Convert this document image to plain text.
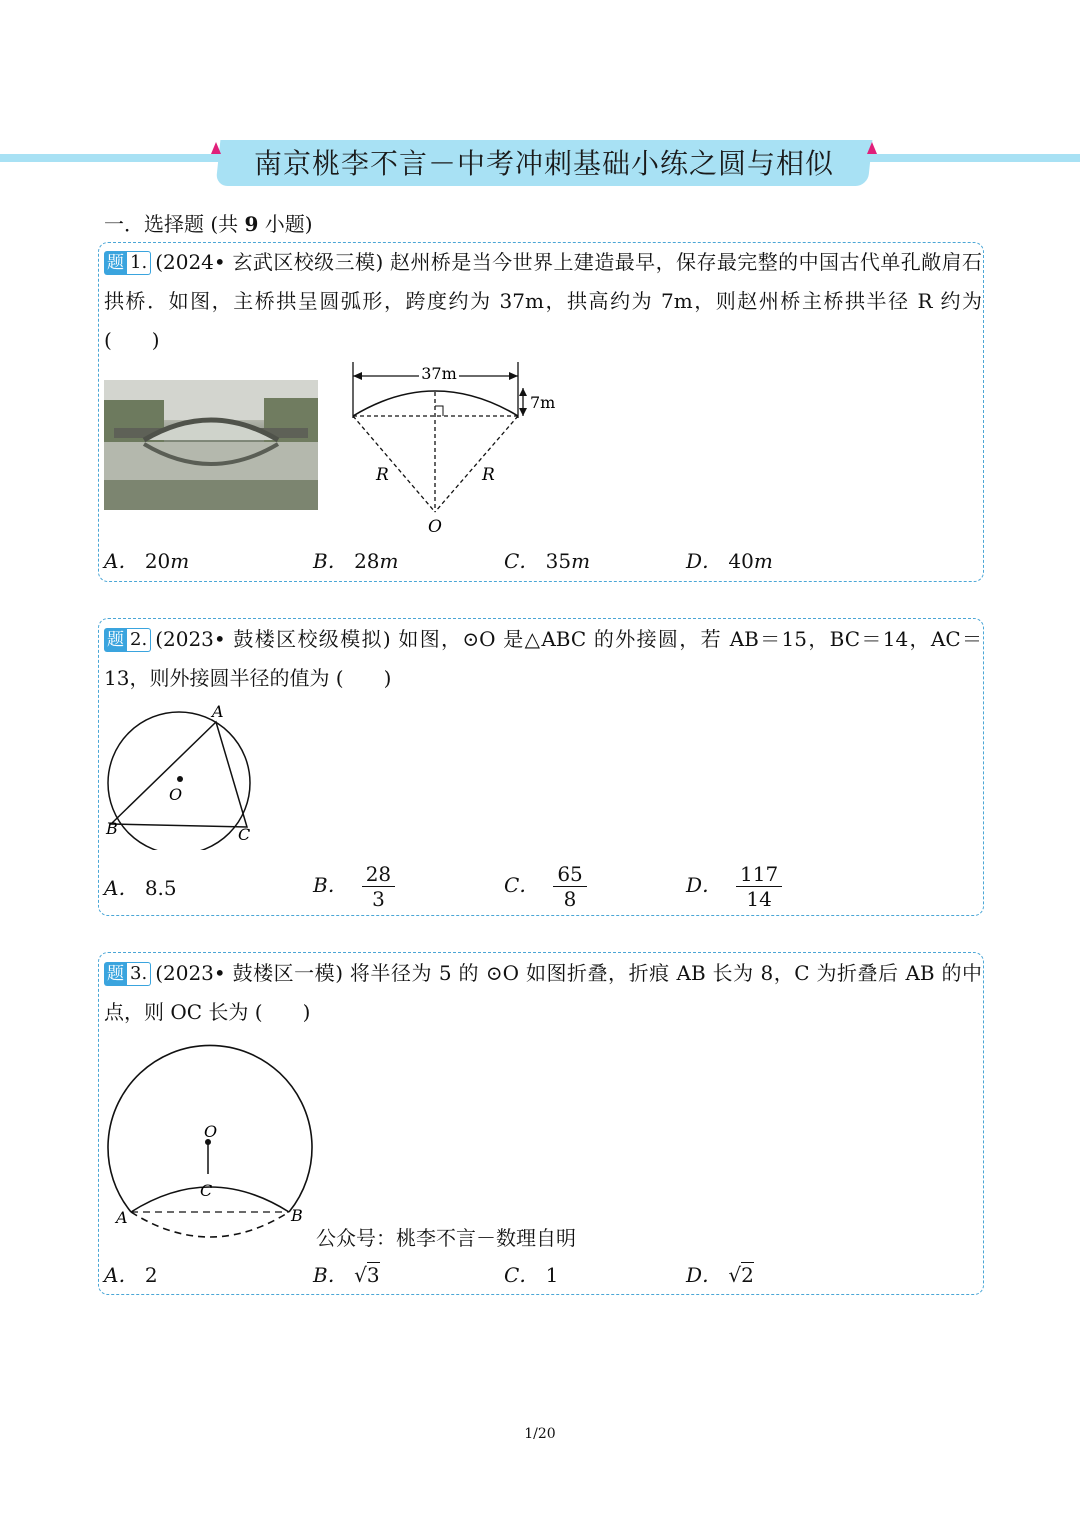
南京桃李不言－中考冲刺基础小练之圆与相似
一．选择题 (共 9 小题)
题 1. (2024• 玄武区校级三模) 赵州桥是当今世界上建造最早，保存最完整的中国古代单孔敞肩石拱桥．如图，主桥拱呈圆弧形，跨度约为 37m，拱高约为 7m，则赵州桥主桥拱半径 R 约为 (　　)
37m
7m
R	R
O
A． 20m	B． 28m	C． 35m	D． 40m
题 2. (2023• 鼓楼区校级模拟) 如图，⊙O 是△ABC 的外接圆，若 AB＝15，BC＝14，AC＝13，则外接圆半径的值为 (　　)
A
B	C
O
A． 8.5	B． $\frac{28}{3}$	C． $\frac{65}{8}$	D． $\frac{117}{14}$
题 3. (2023• 鼓楼区一模) 将半径为 5 的 ⊙O 如图折叠，折痕 AB 长为 8，C 为折叠后 AB 的中点，则 OC 长为 (　　)
O
C
A	B
公众号：桃李不言－数理自明
A． 2	B． √3	C． 1	D． √2
1/20
